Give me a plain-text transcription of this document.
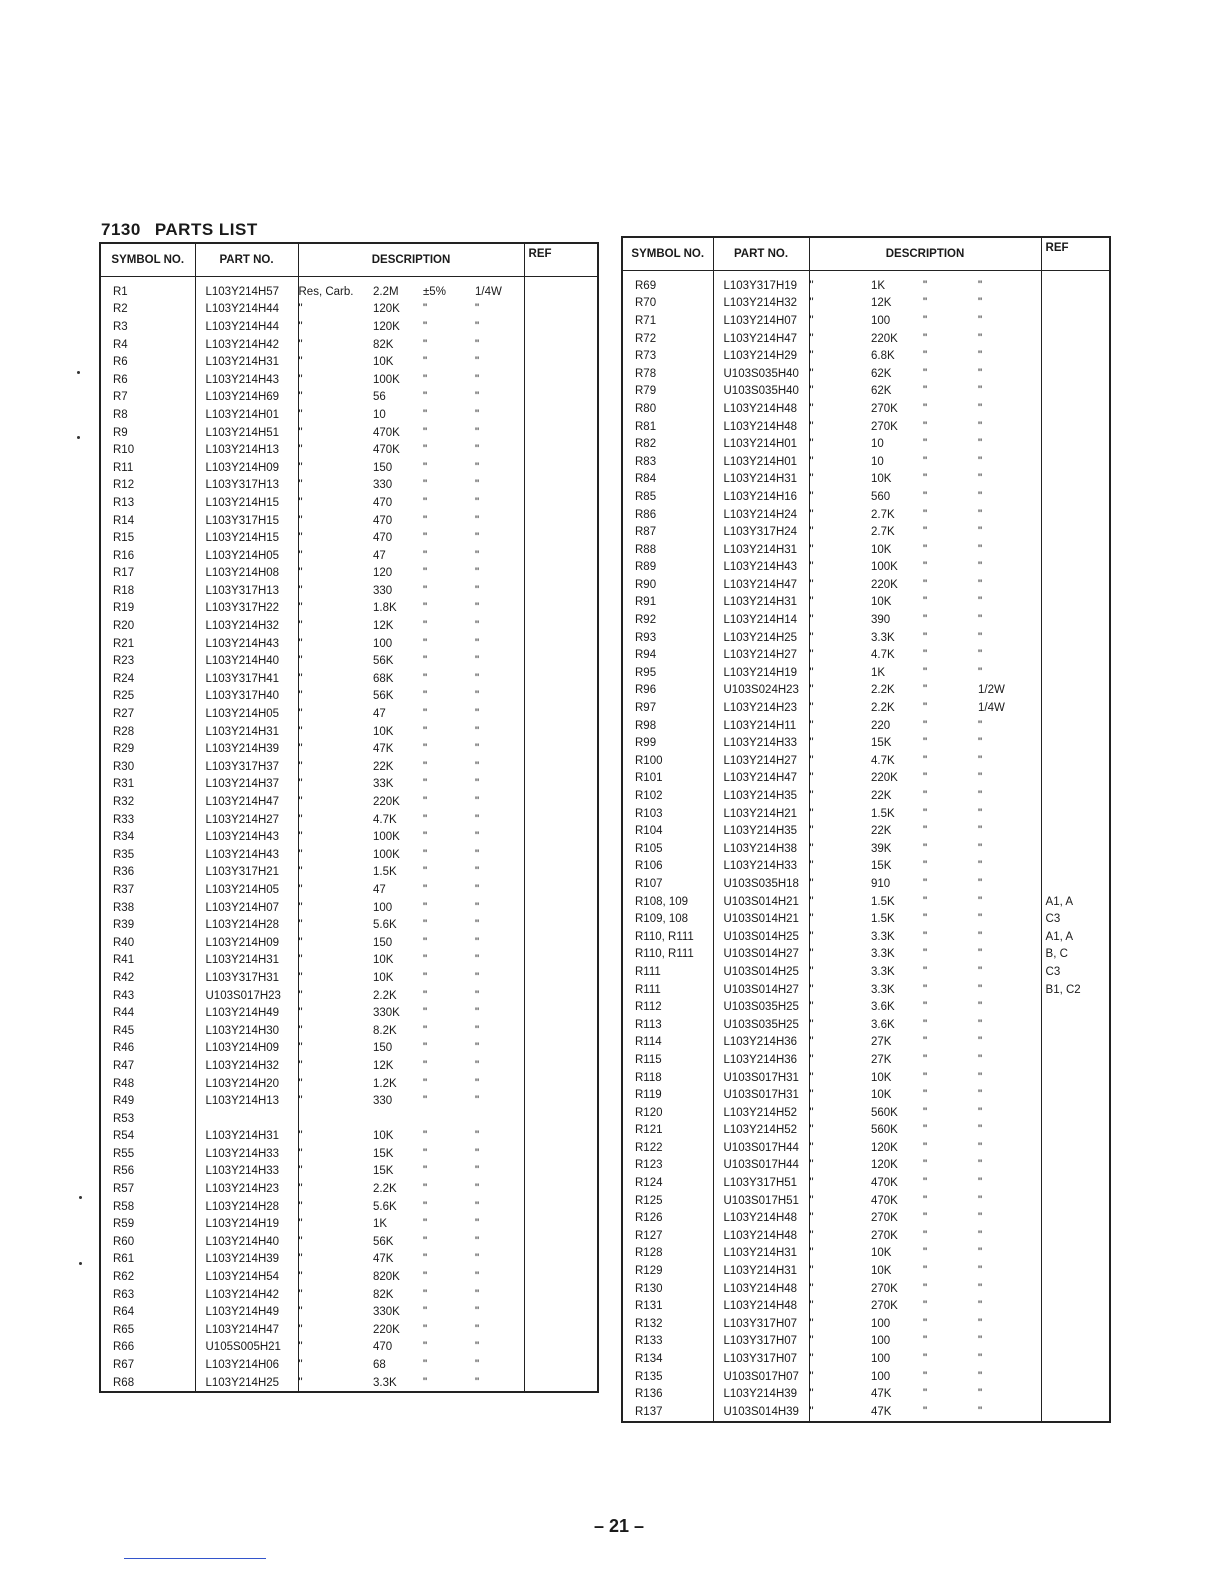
7130 PARTS LIST
SYMBOL NO.	PART NO.	DESCRIPTION				REF
R1	L103Y214H57	Res, Carb.	2.2M	±5%	1/4W	
R2	L103Y214H44	"	120K	"	"	
R3	L103Y214H44	"	120K	"	"	
R4	L103Y214H42	"	82K	"	"	
R6	L103Y214H31	"	10K	"	"	
R6	L103Y214H43	"	100K	"	"	
R7	L103Y214H69	"	56	"	"	
R8	L103Y214H01	"	10	"	"	
R9	L103Y214H51	"	470K	"	"	
R10	L103Y214H13	"	470K	"	"	
R11	L103Y214H09	"	150	"	"	
R12	L103Y317H13	"	330	"	"	
R13	L103Y214H15	"	470	"	"	
R14	L103Y317H15	"	470	"	"	
R15	L103Y214H15	"	470	"	"	
R16	L103Y214H05	"	47	"	"	
R17	L103Y214H08	"	120	"	"	
R18	L103Y317H13	"	330	"	"	
R19	L103Y317H22	"	1.8K	"	"	
R20	L103Y214H32	"	12K	"	"	
R21	L103Y214H43	"	100	"	"	
R23	L103Y214H40	"	56K	"	"	
R24	L103Y317H41	"	68K	"	"	
R25	L103Y317H40	"	56K	"	"	
R27	L103Y214H05	"	47	"	"	
R28	L103Y214H31	"	10K	"	"	
R29	L103Y214H39	"	47K	"	"	
R30	L103Y317H37	"	22K	"	"	
R31	L103Y214H37	"	33K	"	"	
R32	L103Y214H47	"	220K	"	"	
R33	L103Y214H27	"	4.7K	"	"	
R34	L103Y214H43	"	100K	"	"	
R35	L103Y214H43	"	100K	"	"	
R36	L103Y317H21	"	1.5K	"	"	
R37	L103Y214H05	"	47	"	"	
R38	L103Y214H07	"	100	"	"	
R39	L103Y214H28	"	5.6K	"	"	
R40	L103Y214H09	"	150	"	"	
R41	L103Y214H31	"	10K	"	"	
R42	L103Y317H31	"	10K	"	"	
R43	U103S017H23	"	2.2K	"	"	
R44	L103Y214H49	"	330K	"	"	
R45	L103Y214H30	"	8.2K	"	"	
R46	L103Y214H09	"	150	"	"	
R47	L103Y214H32	"	12K	"	"	
R48	L103Y214H20	"	1.2K	"	"	
R49	L103Y214H13	"	330	"	"	
R53						
R54	L103Y214H31	"	10K	"	"	
R55	L103Y214H33	"	15K	"	"	
R56	L103Y214H33	"	15K	"	"	
R57	L103Y214H23	"	2.2K	"	"	
R58	L103Y214H28	"	5.6K	"	"	
R59	L103Y214H19	"	1K	"	"	
R60	L103Y214H40	"	56K	"	"	
R61	L103Y214H39	"	47K	"	"	
R62	L103Y214H54	"	820K	"	"	
R63	L103Y214H42	"	82K	"	"	
R64	L103Y214H49	"	330K	"	"	
R65	L103Y214H47	"	220K	"	"	
R66	U105S005H21	"	470	"	"	
R67	L103Y214H06	"	68	"	"	
R68	L103Y214H25	"	3.3K	"	"	
SYMBOL NO.	PART NO.	DESCRIPTION				REF
R69	L103Y317H19	"	1K	"	"	
R70	L103Y214H32	"	12K	"	"	
R71	L103Y214H07	"	100	"	"	
R72	L103Y214H47	"	220K	"	"	
R73	L103Y214H29	"	6.8K	"	"	
R78	U103S035H40	"	62K	"	"	
R79	U103S035H40	"	62K	"	"	
R80	L103Y214H48	"	270K	"	"	
R81	L103Y214H48	"	270K	"	"	
R82	L103Y214H01	"	10	"	"	
R83	L103Y214H01	"	10	"	"	
R84	L103Y214H31	"	10K	"	"	
R85	L103Y214H16	"	560	"	"	
R86	L103Y214H24	"	2.7K	"	"	
R87	L103Y317H24	"	2.7K	"	"	
R88	L103Y214H31	"	10K	"	"	
R89	L103Y214H43	"	100K	"	"	
R90	L103Y214H47	"	220K	"	"	
R91	L103Y214H31	"	10K	"	"	
R92	L103Y214H14	"	390	"	"	
R93	L103Y214H25	"	3.3K	"	"	
R94	L103Y214H27	"	4.7K	"	"	
R95	L103Y214H19	"	1K	"	"	
R96	U103S024H23	"	2.2K	"	1/2W	
R97	L103Y214H23	"	2.2K	"	1/4W	
R98	L103Y214H11	"	220	"	"	
R99	L103Y214H33	"	15K	"	"	
R100	L103Y214H27	"	4.7K	"	"	
R101	L103Y214H47	"	220K	"	"	
R102	L103Y214H35	"	22K	"	"	
R103	L103Y214H21	"	1.5K	"	"	
R104	L103Y214H35	"	22K	"	"	
R105	L103Y214H38	"	39K	"	"	
R106	L103Y214H33	"	15K	"	"	
R107	U103S035H18	"	910	"	"	
R108, 109	U103S014H21	"	1.5K	"	"	A1, A
R109, 108	U103S014H21	"	1.5K	"	"	C3
R110, R111	U103S014H25	"	3.3K	"	"	A1, A
R110, R111	U103S014H27	"	3.3K	"	"	B, C
R111	U103S014H25	"	3.3K	"	"	C3
R111	U103S014H27	"	3.3K	"	"	B1, C2
R112	U103S035H25	"	3.6K	"	"	
R113	U103S035H25	"	3.6K	"	"	
R114	L103Y214H36	"	27K	"	"	
R115	L103Y214H36	"	27K	"	"	
R118	U103S017H31	"	10K	"	"	
R119	U103S017H31	"	10K	"	"	
R120	L103Y214H52	"	560K	"	"	
R121	L103Y214H52	"	560K	"	"	
R122	U103S017H44	"	120K	"	"	
R123	U103S017H44	"	120K	"	"	
R124	L103Y317H51	"	470K	"	"	
R125	U103S017H51	"	470K	"	"	
R126	L103Y214H48	"	270K	"	"	
R127	L103Y214H48	"	270K	"	"	
R128	L103Y214H31	"	10K	"	"	
R129	L103Y214H31	"	10K	"	"	
R130	L103Y214H48	"	270K	"	"	
R131	L103Y214H48	"	270K	"	"	
R132	L103Y317H07	"	100	"	"	
R133	L103Y317H07	"	100	"	"	
R134	L103Y317H07	"	100	"	"	
R135	U103S017H07	"	100	"	"	
R136	L103Y214H39	"	47K	"	"	
R137	U103S014H39	"	47K	"	"	
– 21 –
